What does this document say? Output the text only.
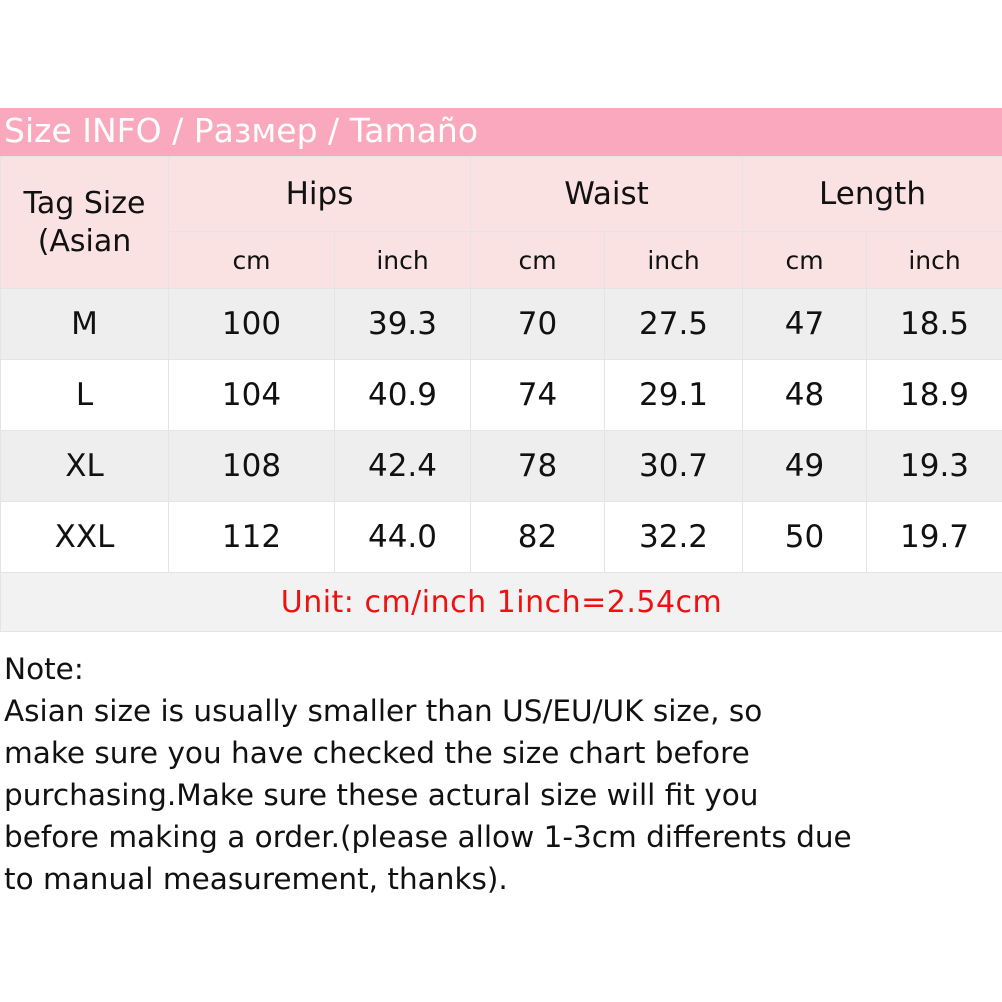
Size INFO / Размер / Tamaño
Tag Size (Asian	Hips		Waist		Length	
	cm	inch	cm	inch	cm	inch
M	100	39.3	70	27.5	47	18.5
L	104	40.9	74	29.1	48	18.9
XL	108	42.4	78	30.7	49	19.3
XXL	112	44.0	82	32.2	50	19.7
Unit: cm/inch 1inch=2.54cm						
Note:
Asian size is usually smaller than US/EU/UK size, so
make sure you have checked the size chart before
purchasing.Make sure these actural size will fit you
before making a order.(please allow 1-3cm differents due
to manual measurement, thanks).
